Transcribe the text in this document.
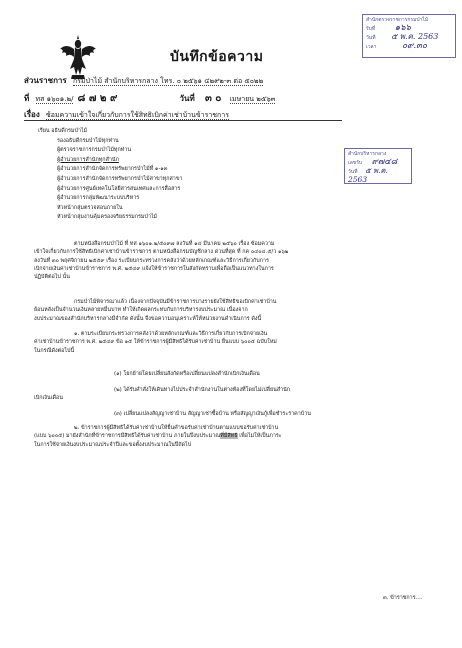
บันทึกข้อความ
สำนักตรวจราชการกรมป่าไม้
รับที่ ๑๖๖
วันที่ ๕ พ.ค. 2563
เวลา	๐๙.๓๐
สำนักบริหารกลาง
เลขรับ ๙๗๔๘
วันที่ ๕ พ.ค. 2563
ส่วนราชการ กรมป่าไม้ สำนักบริหารกลาง โทร. ๐ ๒๕๖๑ ๔๒๙๒-๓ ต่อ ๕๐๒๒
ที่ ทส ๑๖๐๑.๒/ ๘ ๗ ๒ ๙	วันที่ ๓ ๐ เมษายน ๒๕๖๓
เรื่อง ซ้อมความเข้าใจเกี่ยวกับการใช้สิทธิเบิกค่าเช่าบ้านข้าราชการ
เรียน อธิบดีกรมป่าไม้
รองอธิบดีกรมป่าไม้ทุกท่าน
ผู้ตรวจราชการกรมป่าไม้ทุกท่าน
ผู้อำนวยการสำนักทุกสำนัก
ผู้อำนวยการสำนักจัดการทรัพยากรป่าไม้ที่ ๑-๑๓
ผู้อำนวยการสำนักจัดการทรัพยากรป่าไม้สาขาทุกสาขา
ผู้อำนวยการศูนย์เทคโนโลยีสารสนเทศและการสื่อสาร
ผู้อำนวยการกลุ่มพัฒนาระบบบริหาร
หัวหน้ากลุ่มตรวจสอบภายใน
หัวหน้ากลุ่มงานคุ้มครองจริยธรรมกรมป่าไม้
ตามหนังสือกรมป่าไม้ ที่ ทส ๑๖๐๑.๒/๕๐๙๗ ลงวันที่ ๑๔ มีนาคม ๒๕๖๐ เรื่อง ซ้อมความ
เข้าใจเกี่ยวกับการใช้สิทธิเบิกค่าเช่าบ้านข้าราชการ ตามหนังสือกรมบัญชีกลาง ด่วนที่สุด ที่ กค ๐๔๐๔.๕/ว ๑๖๒
ลงวันที่ ๓๐ พฤศจิกายน ๒๕๕๙ เรื่อง ระเบียบกระทรวงการคลังว่าด้วยหลักเกณฑ์และวิธีการเกี่ยวกับการ
เบิกจ่ายเงินค่าเช่าบ้านข้าราชการ พ.ศ. ๒๕๔๙ แจ้งให้ข้าราชการในสังกัดทราบเพื่อถือเป็นแนวทางในการ
ปฏิบัติต่อไป นั้น
กรมป่าไม้พิจารณาแล้ว เนื่องจากปัจจุบันมีข้าราชการบางรายยังใช้สิทธิขอเบิกค่าเช่าบ้าน
ย้อนหลังเป็นจำนวนเงินหลายหมื่นบาท ทำให้เกิดผลกระทบกับการบริหารงบประมาณ เนื่องจาก
งบประมาณของสำนักบริหารกลางมีจำกัด ดังนั้น จึงขอความอนุเคราะห์ให้หน่วยงานดำเนินการ ดังนี้
๑. ตามระเบียบกระทรวงการคลังว่าด้วยหลักเกณฑ์และวิธีการเกี่ยวกับการเบิกจ่ายเงิน
ค่าเช่าบ้านข้าราชการ พ.ศ. ๒๕๔๙ ข้อ ๑๕ ให้ข้าราชการผู้มีสิทธิได้รับค่าเช่าบ้าน ยื่นแบบ ๖๐๐๕ ฉบับใหม่
ในกรณีดังต่อไปนี้
(๑) โยกย้ายโดยเปลี่ยนสังกัดหรือเปลี่ยนแปลงสำนักเบิกเงินเดือน
(๒) ได้รับคำสั่งให้เดินทางไปประจำสำนักงานในต่างท้องที่โดยไม่เปลี่ยนสำนัก
เบิกเงินเดือน
(๓) เปลี่ยนแปลงสัญญาเช่าบ้าน สัญญาเช่าซื้อบ้าน หรือสัญญาเงินกู้เพื่อชำระราคาบ้าน
๒. ข้าราชการผู้มีสิทธิได้รับค่าเช่าบ้านให้ยื่นคำขอรับค่าเช่าบ้านตามแบบขอรับค่าเช่าบ้าน
(แบบ ๖๐๐๕) มายังสำนักที่ข้าราชการมีสิทธิได้รับค่าเช่าบ้าน ภายในปีงบประมาณที่มีสิทธิ เพื่อไม่ให้เป็นภาระ
ในการใช้จ่ายเงินงบประมาณประจำปีและขอตั้งงบประมาณในปีถัดไป
๓. ข้าราชการ....
